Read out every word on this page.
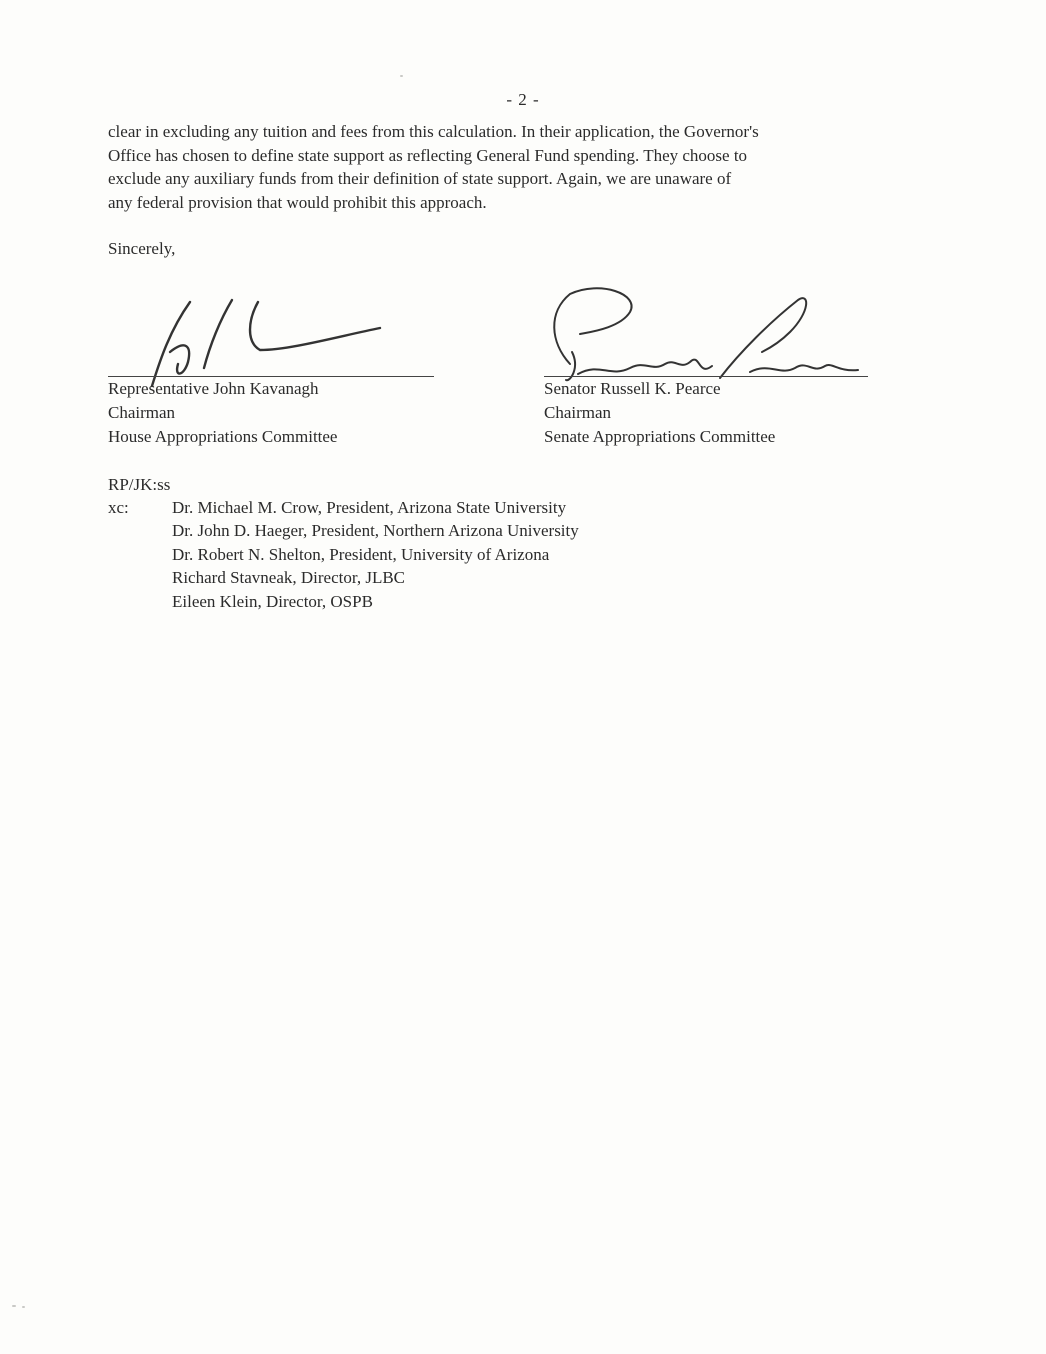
- 2 -
clear in excluding any tuition and fees from this calculation. In their application, the Governor's
Office has chosen to define state support as reflecting General Fund spending. They choose to
exclude any auxiliary funds from their definition of state support. Again, we are unaware of
any federal provision that would prohibit this approach.
Sincerely,
Representative John Kavanagh
Chairman
House Appropriations Committee
Senator Russell K. Pearce
Chairman
Senate Appropriations Committee
RP/JK:ss
xc:	Dr. Michael M. Crow, President, Arizona State University
Dr. John D. Haeger, President, Northern Arizona University
Dr. Robert N. Shelton, President, University of Arizona
Richard Stavneak, Director, JLBC
Eileen Klein, Director, OSPB
